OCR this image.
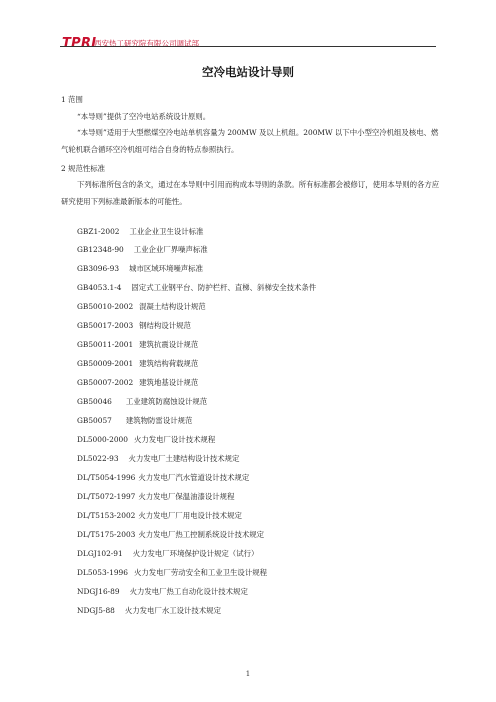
TPRI
西安热工研究院有限公司调试部
空冷电站设计导则
1 范围
“本导则”提供了空冷电站系统设计原则。
“本导则”适用于大型燃煤空冷电站单机容量为 200MW 及以上机组。200MW 以下中小型空冷机组及核电、燃气轮机联合循环空冷机组可结合自身的特点参照执行。
2 规范性标准
下列标准所包含的条文，通过在本导则中引用而构成本导则的条款。所有标准都会被修订，使用本导则的各方应研究使用下列标准最新版本的可能性。
GBZ1-2002 工业企业卫生设计标准
GB12348-90 工业企业厂界噪声标准
GB3096-93 城市区域环境噪声标准
GB4053.1-4 固定式工业钢平台、防护栏杆、直梯、斜梯安全技术条件
GB50010-2002 混凝土结构设计规范
GB50017-2003 钢结构设计规范
GB50011-2001 建筑抗震设计规范
GB50009-2001 建筑结构荷载规范
GB50007-2002 建筑地基设计规范
GB50046 工业建筑防腐蚀设计规范
GB50057 建筑物防雷设计规范
DL5000-2000 火力发电厂设计技术规程
DL5022-93 火力发电厂土建结构设计技术规定
DL/T5054-1996 火力发电厂汽水管道设计技术规定
DL/T5072-1997 火力发电厂保温油漆设计规程
DL/T5153-2002 火力发电厂厂用电设计技术规定
DL/T5175-2003 火力发电厂热工控制系统设计技术规定
DLGJ102-91 火力发电厂环境保护设计规定（试行）
DL5053-1996 火力发电厂劳动安全和工业卫生设计规程
NDGJ16-89 火力发电厂热工自动化设计技术规定
NDGJ5-88 火力发电厂水工设计技术规定
1
